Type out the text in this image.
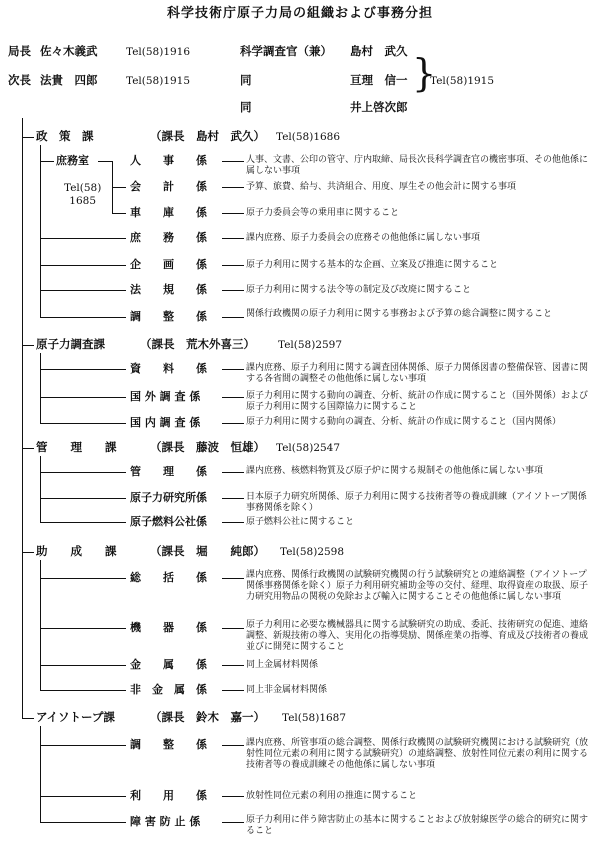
科学技術庁原子力局の組織および事務分担
局長 佐々木義武	Tel(58)1916	科学調査官（兼） 島村　武久
次長 法貴　四郎	Tel(58)1915	同	亘理　信一
同	井上啓次郎
}
Tel(58)1915
政　策　課	（課長　島村　武久） Tel(58)1686
庶務室
Tel(58)
1685
人　　事　　係	人事、文書、公印の管守、庁内取締、局長次長科学調査官の機密事項、その他他係に属しない事項
会　　計　　係	予算、旅費、給与、共済組合、用度、厚生その他会計に関する事項
車　　庫　　係	原子力委員会等の乗用車に関すること
庶　　務　　係	課内庶務、原子力委員会の庶務その他他係に属しない事項
企　　画　　係	原子力利用に関する基本的な企画、立案及び推進に関すること
法　　規　　係	原子力利用に関する法令等の制定及び改廃に関すること
調　　整　　係	関係行政機関の原子力利用に関する事務および予算の総合調整に関すること
原子力調査課	（課長　荒木外喜三） Tel(58)2597
資　　料　　係	課内庶務、原子力利用に関する調査団体関係、原子力関係図書の整備保管、図書に関する各省間の調整その他他係に属しない事項
国 外 調 査 係	原子力利用に関する動向の調査、分析、統計の作成に関すること（国外関係）および原子力利用に関する国際協力に関すること
国 内 調 査 係	原子力利用に関する動向の調査、分析、統計の作成に関すること（国内関係）
管　　理　　課	（課長　藤波　恒雄） Tel(58)2547
管　　理　　係	課内庶務、核燃料物質及び原子炉に関する規制その他他係に属しない事項
原子力研究所係	日本原子力研究所関係、原子力利用に関する技術者等の養成訓練（アイソトープ関係事務関係を除く）
原子燃料公社係	原子燃料公社に関すること
助　　成　　課	（課長　堀　　純郎） Tel(58)2598
総　　括　　係	課内庶務、関係行政機関の試験研究機関の行う試験研究との連絡調整（アイソトープ関係事務関係を除く）原子力利用研究補助金等の交付、経理、取得資産の取扱、原子力研究用物品の関税の免除および輸入に関することその他他係に属しない事項
機　　器　　係	原子力利用に必要な機械器具に関する試験研究の助成、委託、技術研究の促進、連絡調整、新規技術の導入、実用化の指導奨励、関係産業の指導、育成及び技術者の養成並びに開発に関すること
金　　属　　係	同上金属材料関係
非　金　属　係	同上非金属材料関係
アイソトープ課	（課長　鈴木　嘉一） Tel(58)1687
調　　整　　係	課内庶務、所管事項の総合調整、関係行政機関の試験研究機関における試験研究（放射性同位元素の利用に関する試験研究）の連絡調整、放射性同位元素の利用に関する技術者等の養成訓練その他他係に属しない事項
利　　用　　係	放射性同位元素の利用の推進に関すること
障 害 防 止 係	原子力利用に伴う障害防止の基本に関することおよび放射線医学の総合的研究に関すること
